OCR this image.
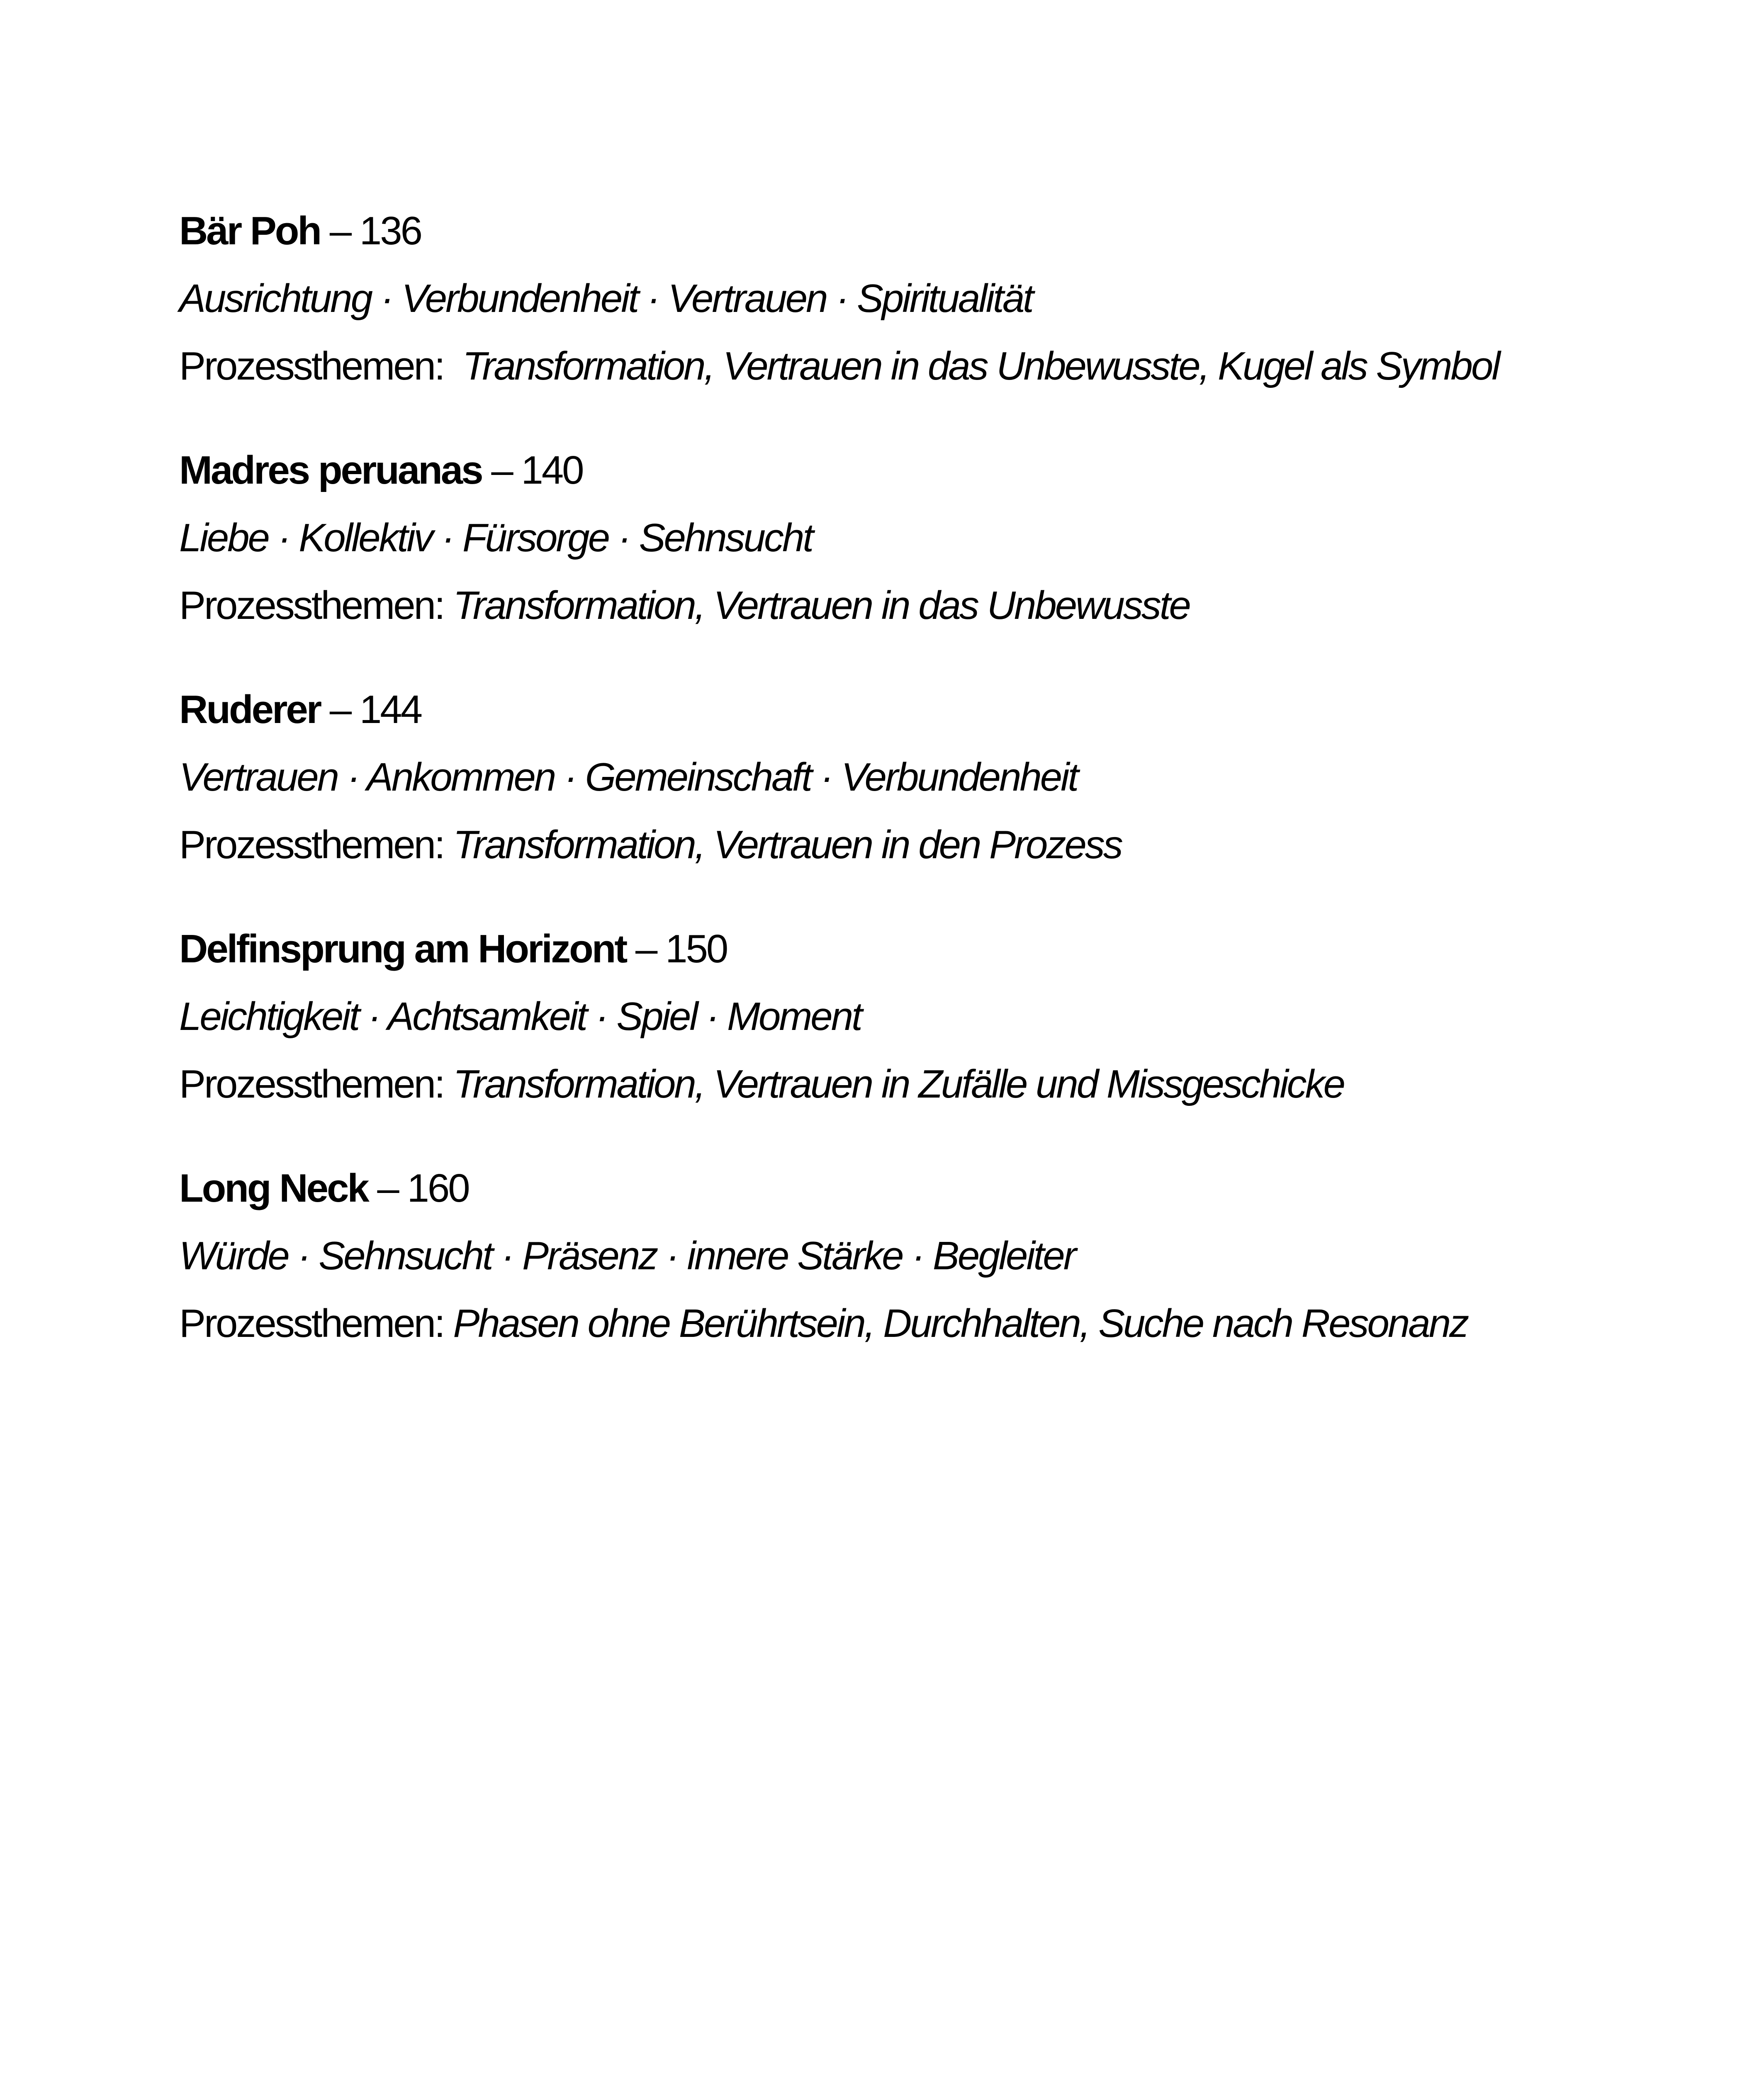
Bär Poh – 136
Ausrichtung · Verbundenheit · Vertrauen · Spiritualität
Prozessthemen:  Transformation, Vertrauen in das Unbewusste, Kugel als Symbol
Madres peruanas – 140
Liebe · Kollektiv · Fürsorge · Sehnsucht
Prozessthemen: Transformation, Vertrauen in das Unbewusste
Ruderer – 144
Vertrauen · Ankommen · Gemeinschaft · Verbundenheit
Prozessthemen: Transformation, Vertrauen in den Prozess
Delfinsprung am Horizont – 150
Leichtigkeit · Achtsamkeit · Spiel · Moment
Prozessthemen: Transformation, Vertrauen in Zufälle und Missgeschicke
Long Neck – 160
Würde · Sehnsucht · Präsenz · innere Stärke · Begleiter
Prozessthemen: Phasen ohne Berührtsein, Durchhalten, Suche nach Resonanz
